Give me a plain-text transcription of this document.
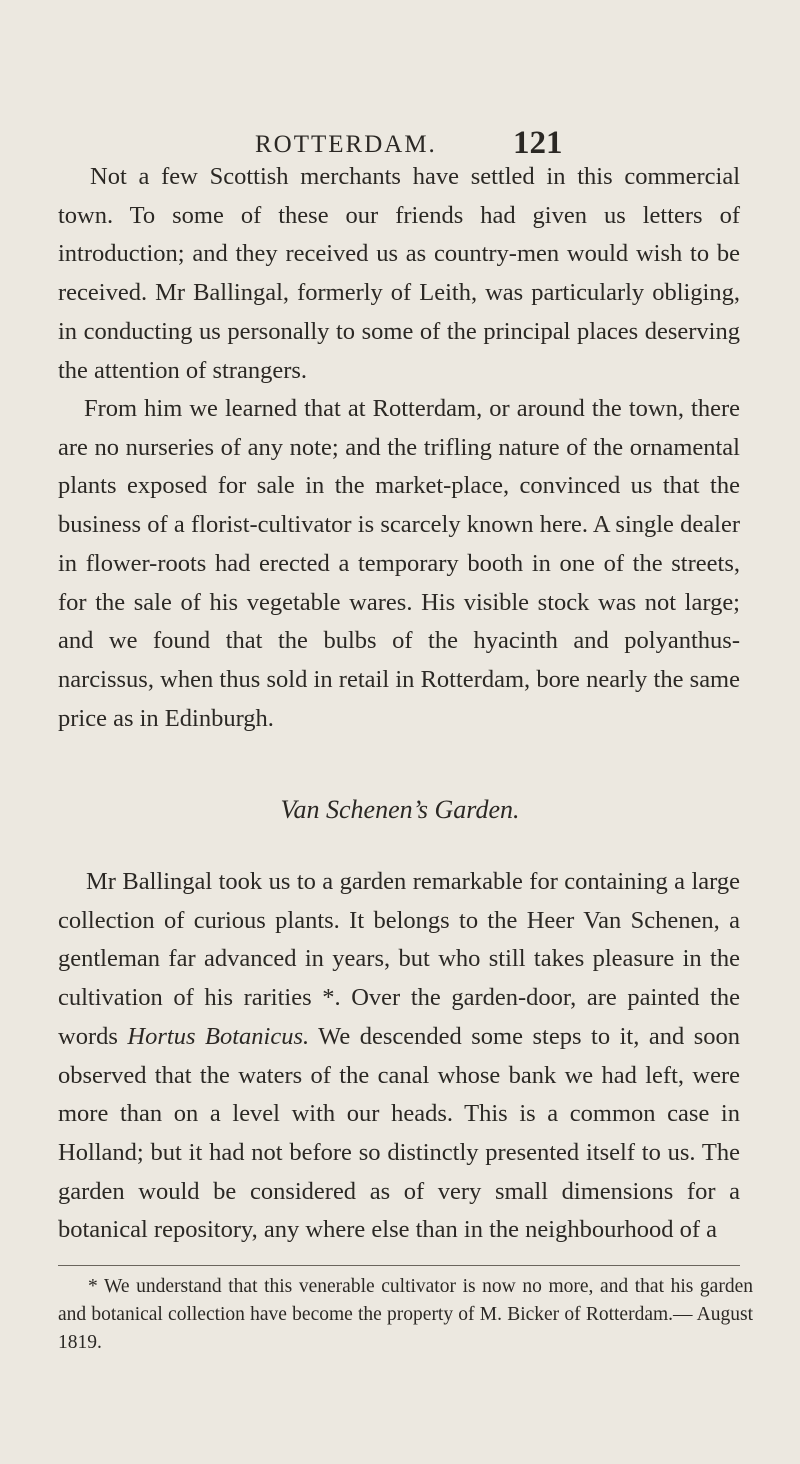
ROTTERDAM. 121
Not a few Scottish merchants have settled in this commercial town. To some of these our friends had given us letters of introduction; and they received us as country-men would wish to be received. Mr Ballingal, formerly of Leith, was particularly obliging, in conducting us personally to some of the principal places deserving the attention of strangers.
From him we learned that at Rotterdam, or around the town, there are no nurseries of any note; and the trifling nature of the ornamental plants exposed for sale in the market-place, convinced us that the business of a florist-cultivator is scarcely known here. A single dealer in flower-roots had erected a temporary booth in one of the streets, for the sale of his vegetable wares. His visible stock was not large; and we found that the bulbs of the hyacinth and polyanthus-narcissus, when thus sold in retail in Rotterdam, bore nearly the same price as in Edinburgh.
Van Schenen’s Garden.
Mr Ballingal took us to a garden remarkable for containing a large collection of curious plants. It belongs to the Heer Van Schenen, a gentleman far advanced in years, but who still takes pleasure in the cultivation of his rarities *. Over the garden-door, are painted the words Hortus Botanicus. We descended some steps to it, and soon observed that the waters of the canal whose bank we had left, were more than on a level with our heads. This is a common case in Holland; but it had not before so distinctly presented itself to us. The garden would be considered as of very small dimensions for a botanical repository, any where else than in the neighbourhood of a
* We understand that this venerable cultivator is now no more, and that his garden and botanical collection have become the property of M. Bicker of Rotterdam.— August 1819.
